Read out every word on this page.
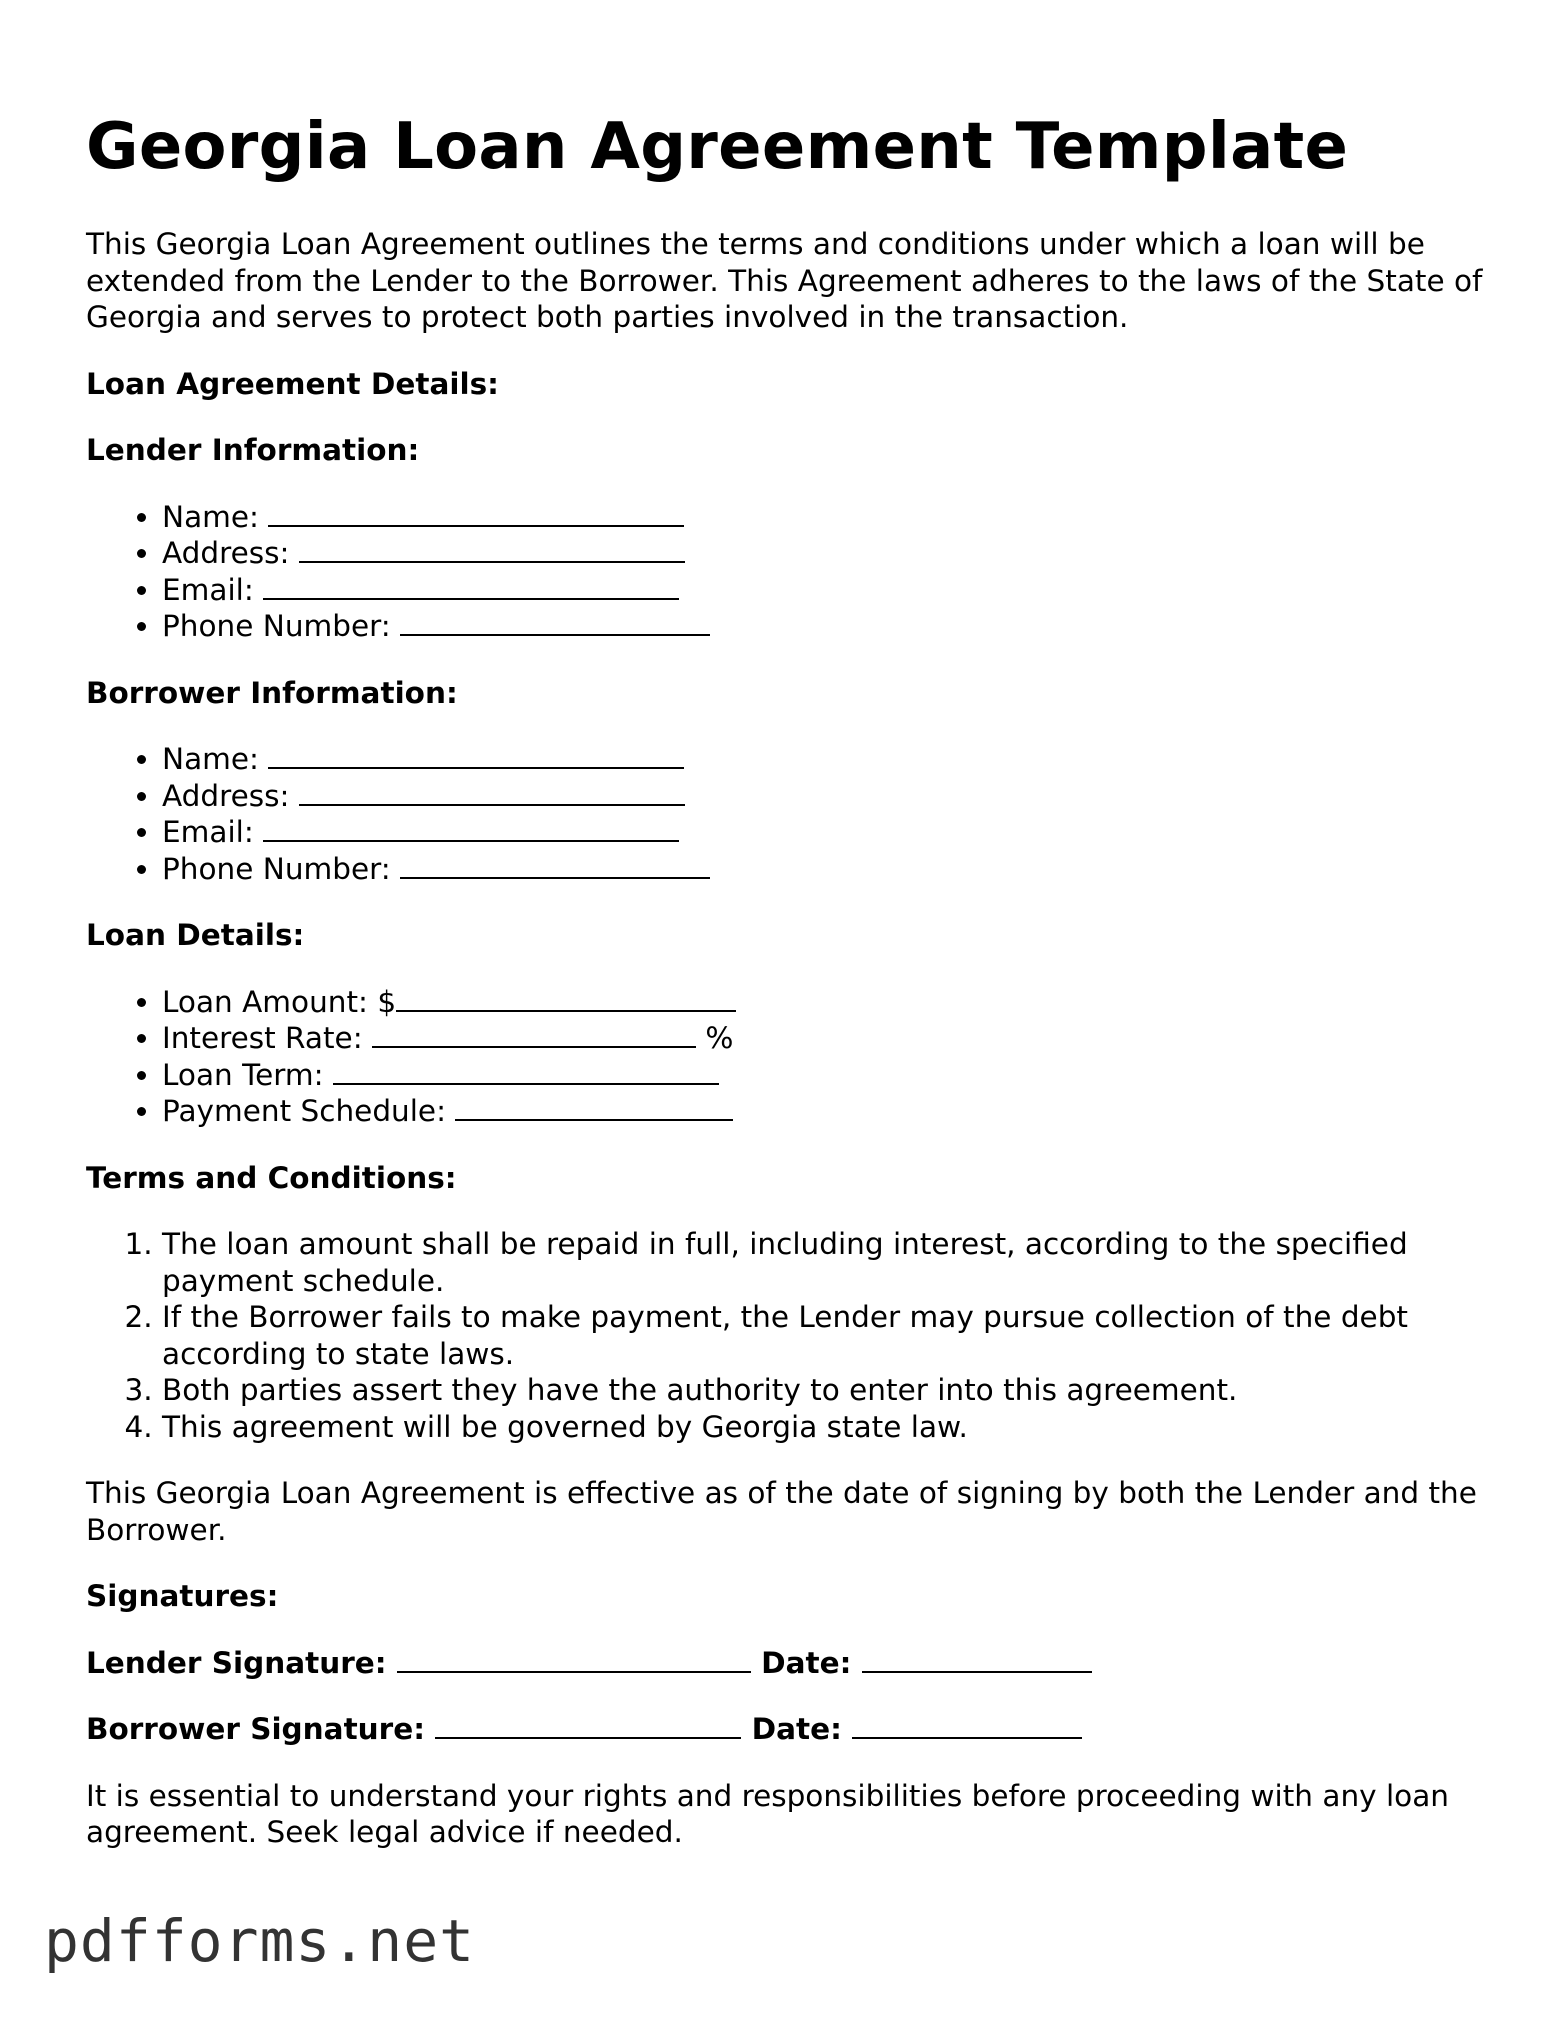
Georgia Loan Agreement Template

This Georgia Loan Agreement outlines the terms and conditions under which a loan will be extended from the Lender to the Borrower. This Agreement adheres to the laws of the State of Georgia and serves to protect both parties involved in the transaction.

Loan Agreement Details:

Lender Information:

• Name:
• Address:
• Email:
• Phone Number:

Borrower Information:

• Name:
• Address:
• Email:
• Phone Number:

Loan Details:

• Loan Amount: $
• Interest Rate:	%
• Loan Term:
• Payment Schedule:

Terms and Conditions:

1. The loan amount shall be repaid in full, including interest, according to the specified payment schedule.
2. If the Borrower fails to make payment, the Lender may pursue collection of the debt according to state laws.
3. Both parties assert they have the authority to enter into this agreement.
4. This agreement will be governed by Georgia state law.

This Georgia Loan Agreement is effective as of the date of signing by both the Lender and the Borrower.

Signatures:

Lender Signature:	Date:
Borrower Signature:	Date:

It is essential to understand your rights and responsibilities before proceeding with any loan agreement. Seek legal advice if needed.

pdfforms.net
